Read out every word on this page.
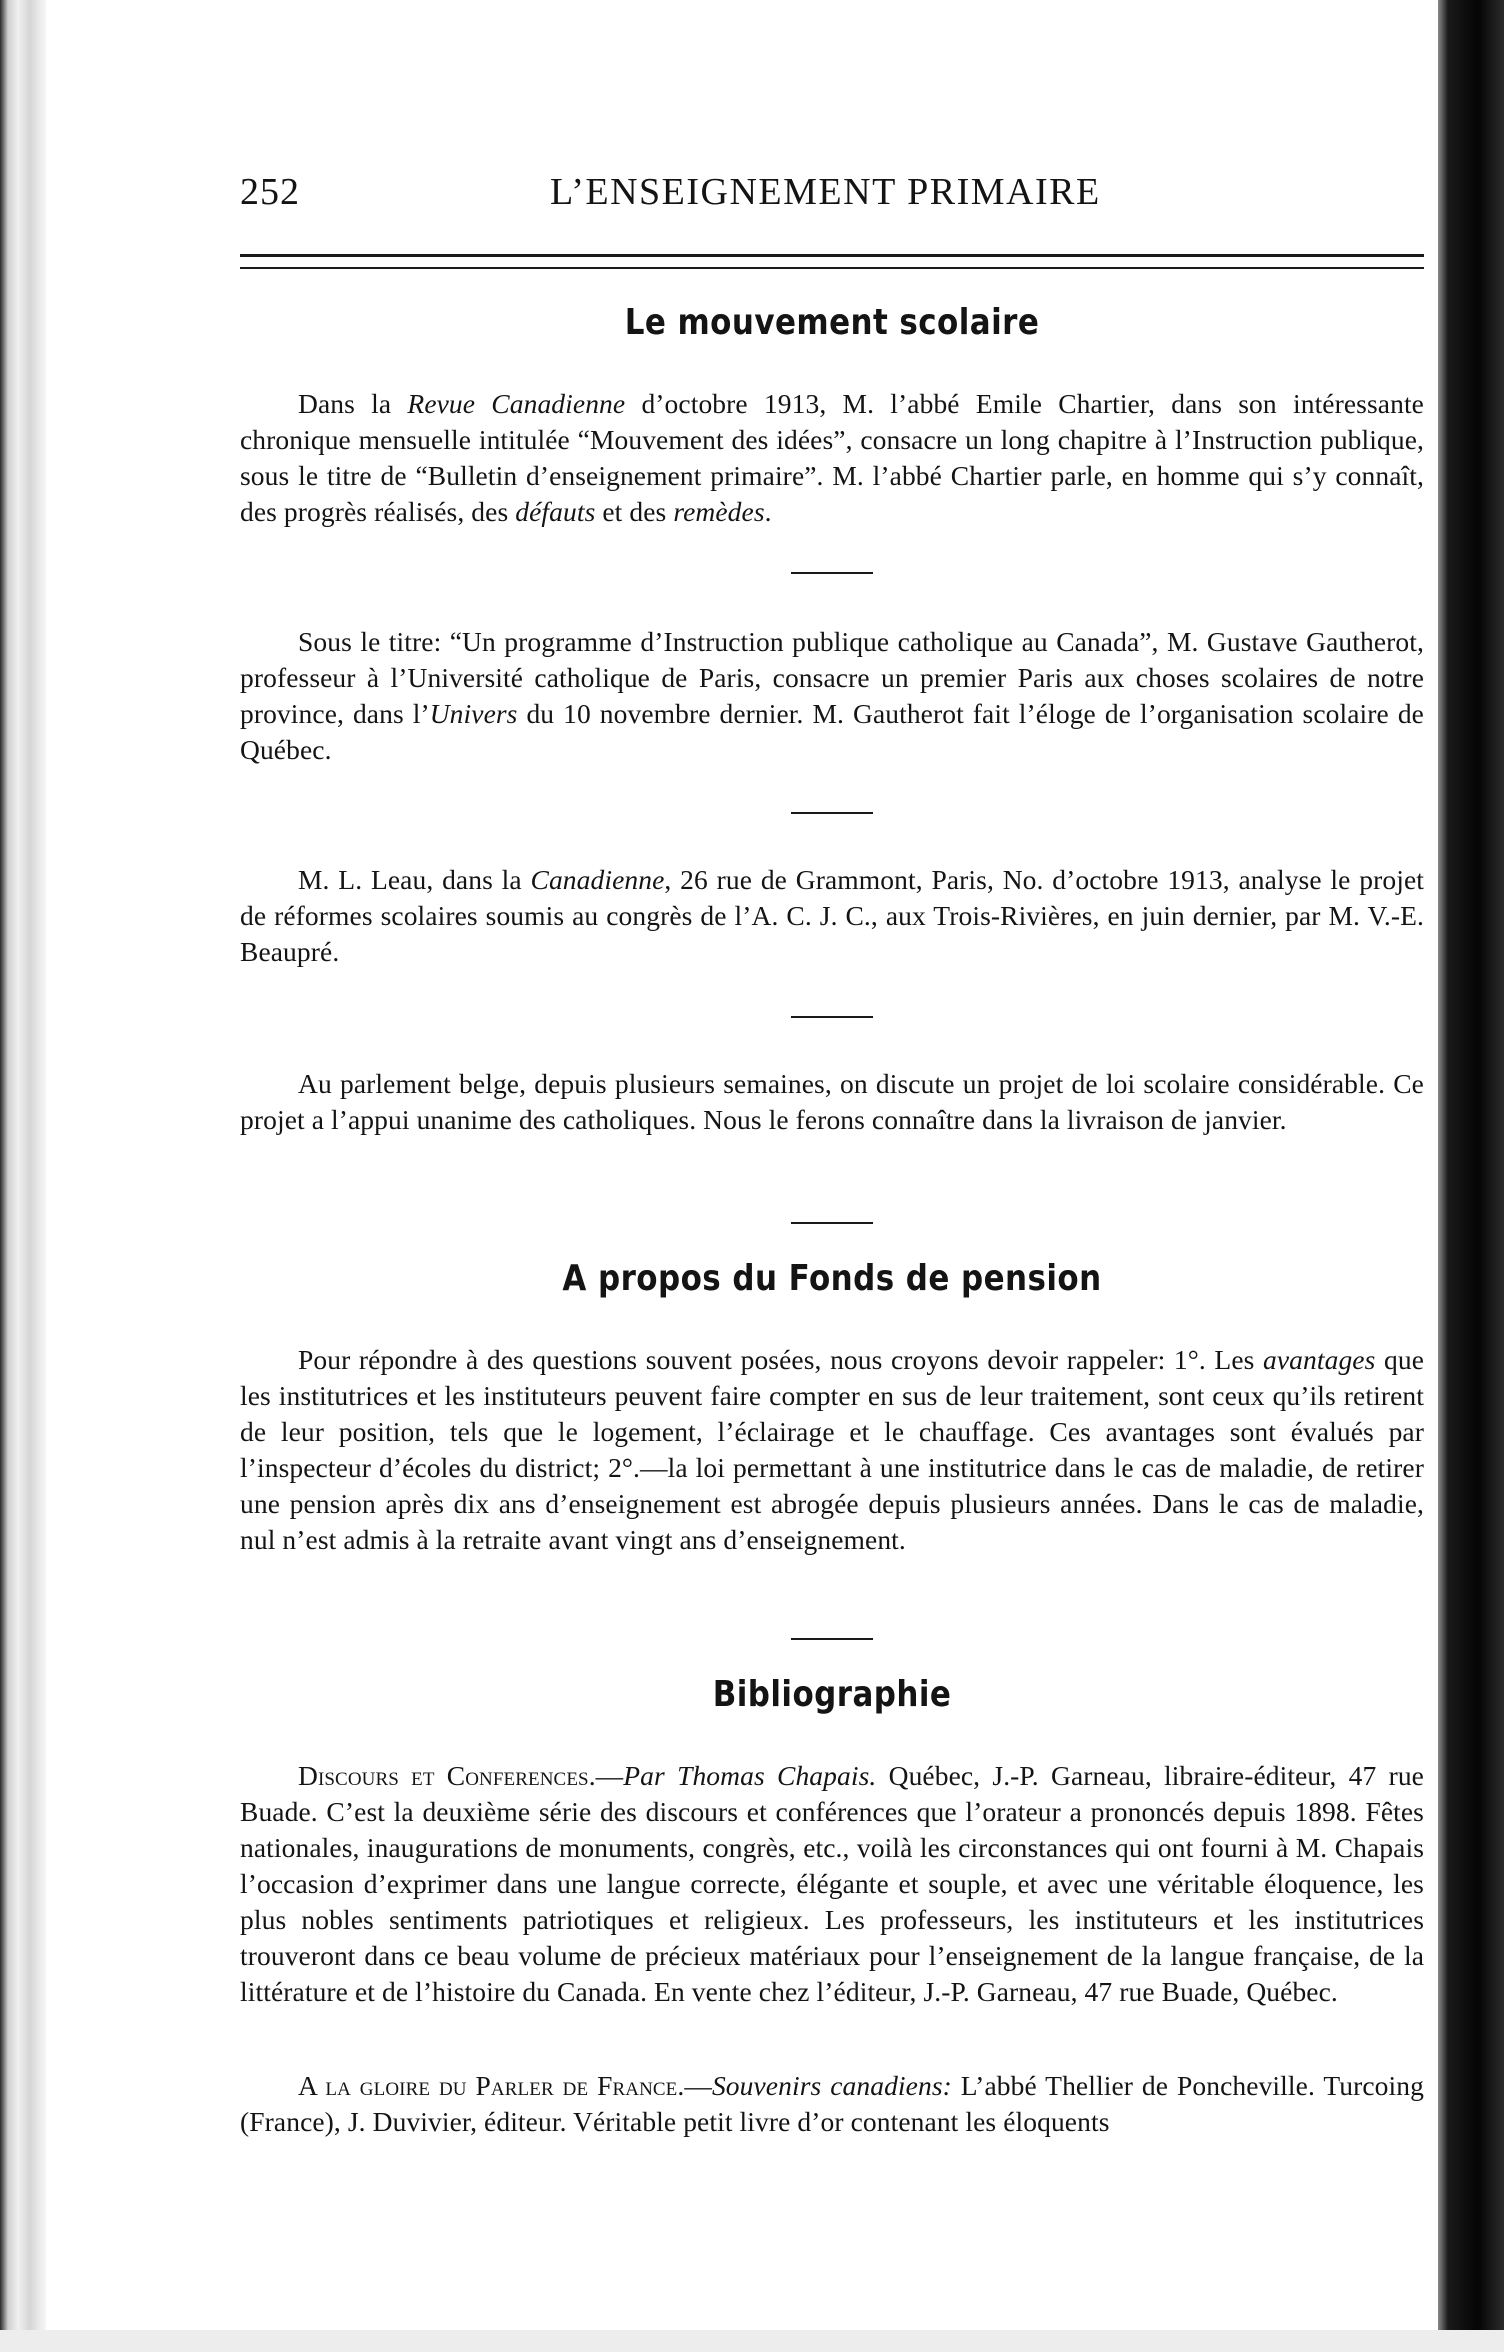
252	L’ENSEIGNEMENT PRIMAIRE
Le mouvement scolaire

Dans la Revue Canadienne d’octobre 1913, M. l’abbé Emile Chartier, dans son intéressante chronique mensuelle intitulée “Mouvement des idées”, consacre un long chapitre à l’Instruction publique, sous le titre de “Bulletin d’enseignement primaire”. M. l’abbé Chartier parle, en homme qui s’y connaît, des progrès réalisés, des défauts et des remèdes.

Sous le titre: “Un programme d’Instruction publique catholique au Canada”, M. Gustave Gautherot, professeur à l’Université catholique de Paris, consacre un premier Paris aux choses scolaires de notre province, dans l’Univers du 10 novembre dernier. M. Gautherot fait l’éloge de l’organisation scolaire de Québec.

M. L. Leau, dans la Canadienne, 26 rue de Grammont, Paris, No. d’octobre 1913, analyse le projet de réformes scolaires soumis au congrès de l’A. C. J. C., aux Trois-Rivières, en juin dernier, par M. V.-E. Beaupré.

Au parlement belge, depuis plusieurs semaines, on discute un projet de loi scolaire considérable. Ce projet a l’appui unanime des catholiques. Nous le ferons connaître dans la livraison de janvier.

A propos du Fonds de pension

Pour répondre à des questions souvent posées, nous croyons devoir rappeler: 1°. Les avantages que les institutrices et les instituteurs peuvent faire compter en sus de leur traitement, sont ceux qu’ils retirent de leur position, tels que le logement, l’éclairage et le chauffage. Ces avantages sont évalués par l’inspecteur d’écoles du district; 2°.—la loi permettant à une institutrice dans le cas de maladie, de retirer une pension après dix ans d’enseignement est abrogée depuis plusieurs années. Dans le cas de maladie, nul n’est admis à la retraite avant vingt ans d’enseignement.

Bibliographie

Discours et Conferences.—Par Thomas Chapais. Québec, J.-P. Garneau, libraire-éditeur, 47 rue Buade. C’est la deuxième série des discours et conférences que l’orateur a prononcés depuis 1898. Fêtes nationales, inaugurations de monuments, congrès, etc., voilà les circonstances qui ont fourni à M. Chapais l’occasion d’exprimer dans une langue correcte, élégante et souple, et avec une véritable éloquence, les plus nobles sentiments patriotiques et religieux. Les professeurs, les instituteurs et les institutrices trouveront dans ce beau volume de précieux matériaux pour l’enseignement de la langue française, de la littérature et de l’histoire du Canada. En vente chez l’éditeur, J.-P. Garneau, 47 rue Buade, Québec.

A la gloire du Parler de France.—Souvenirs canadiens: L’abbé Thellier de Poncheville. Turcoing (France), J. Duvivier, éditeur. Véritable petit livre d’or contenant les éloquents
